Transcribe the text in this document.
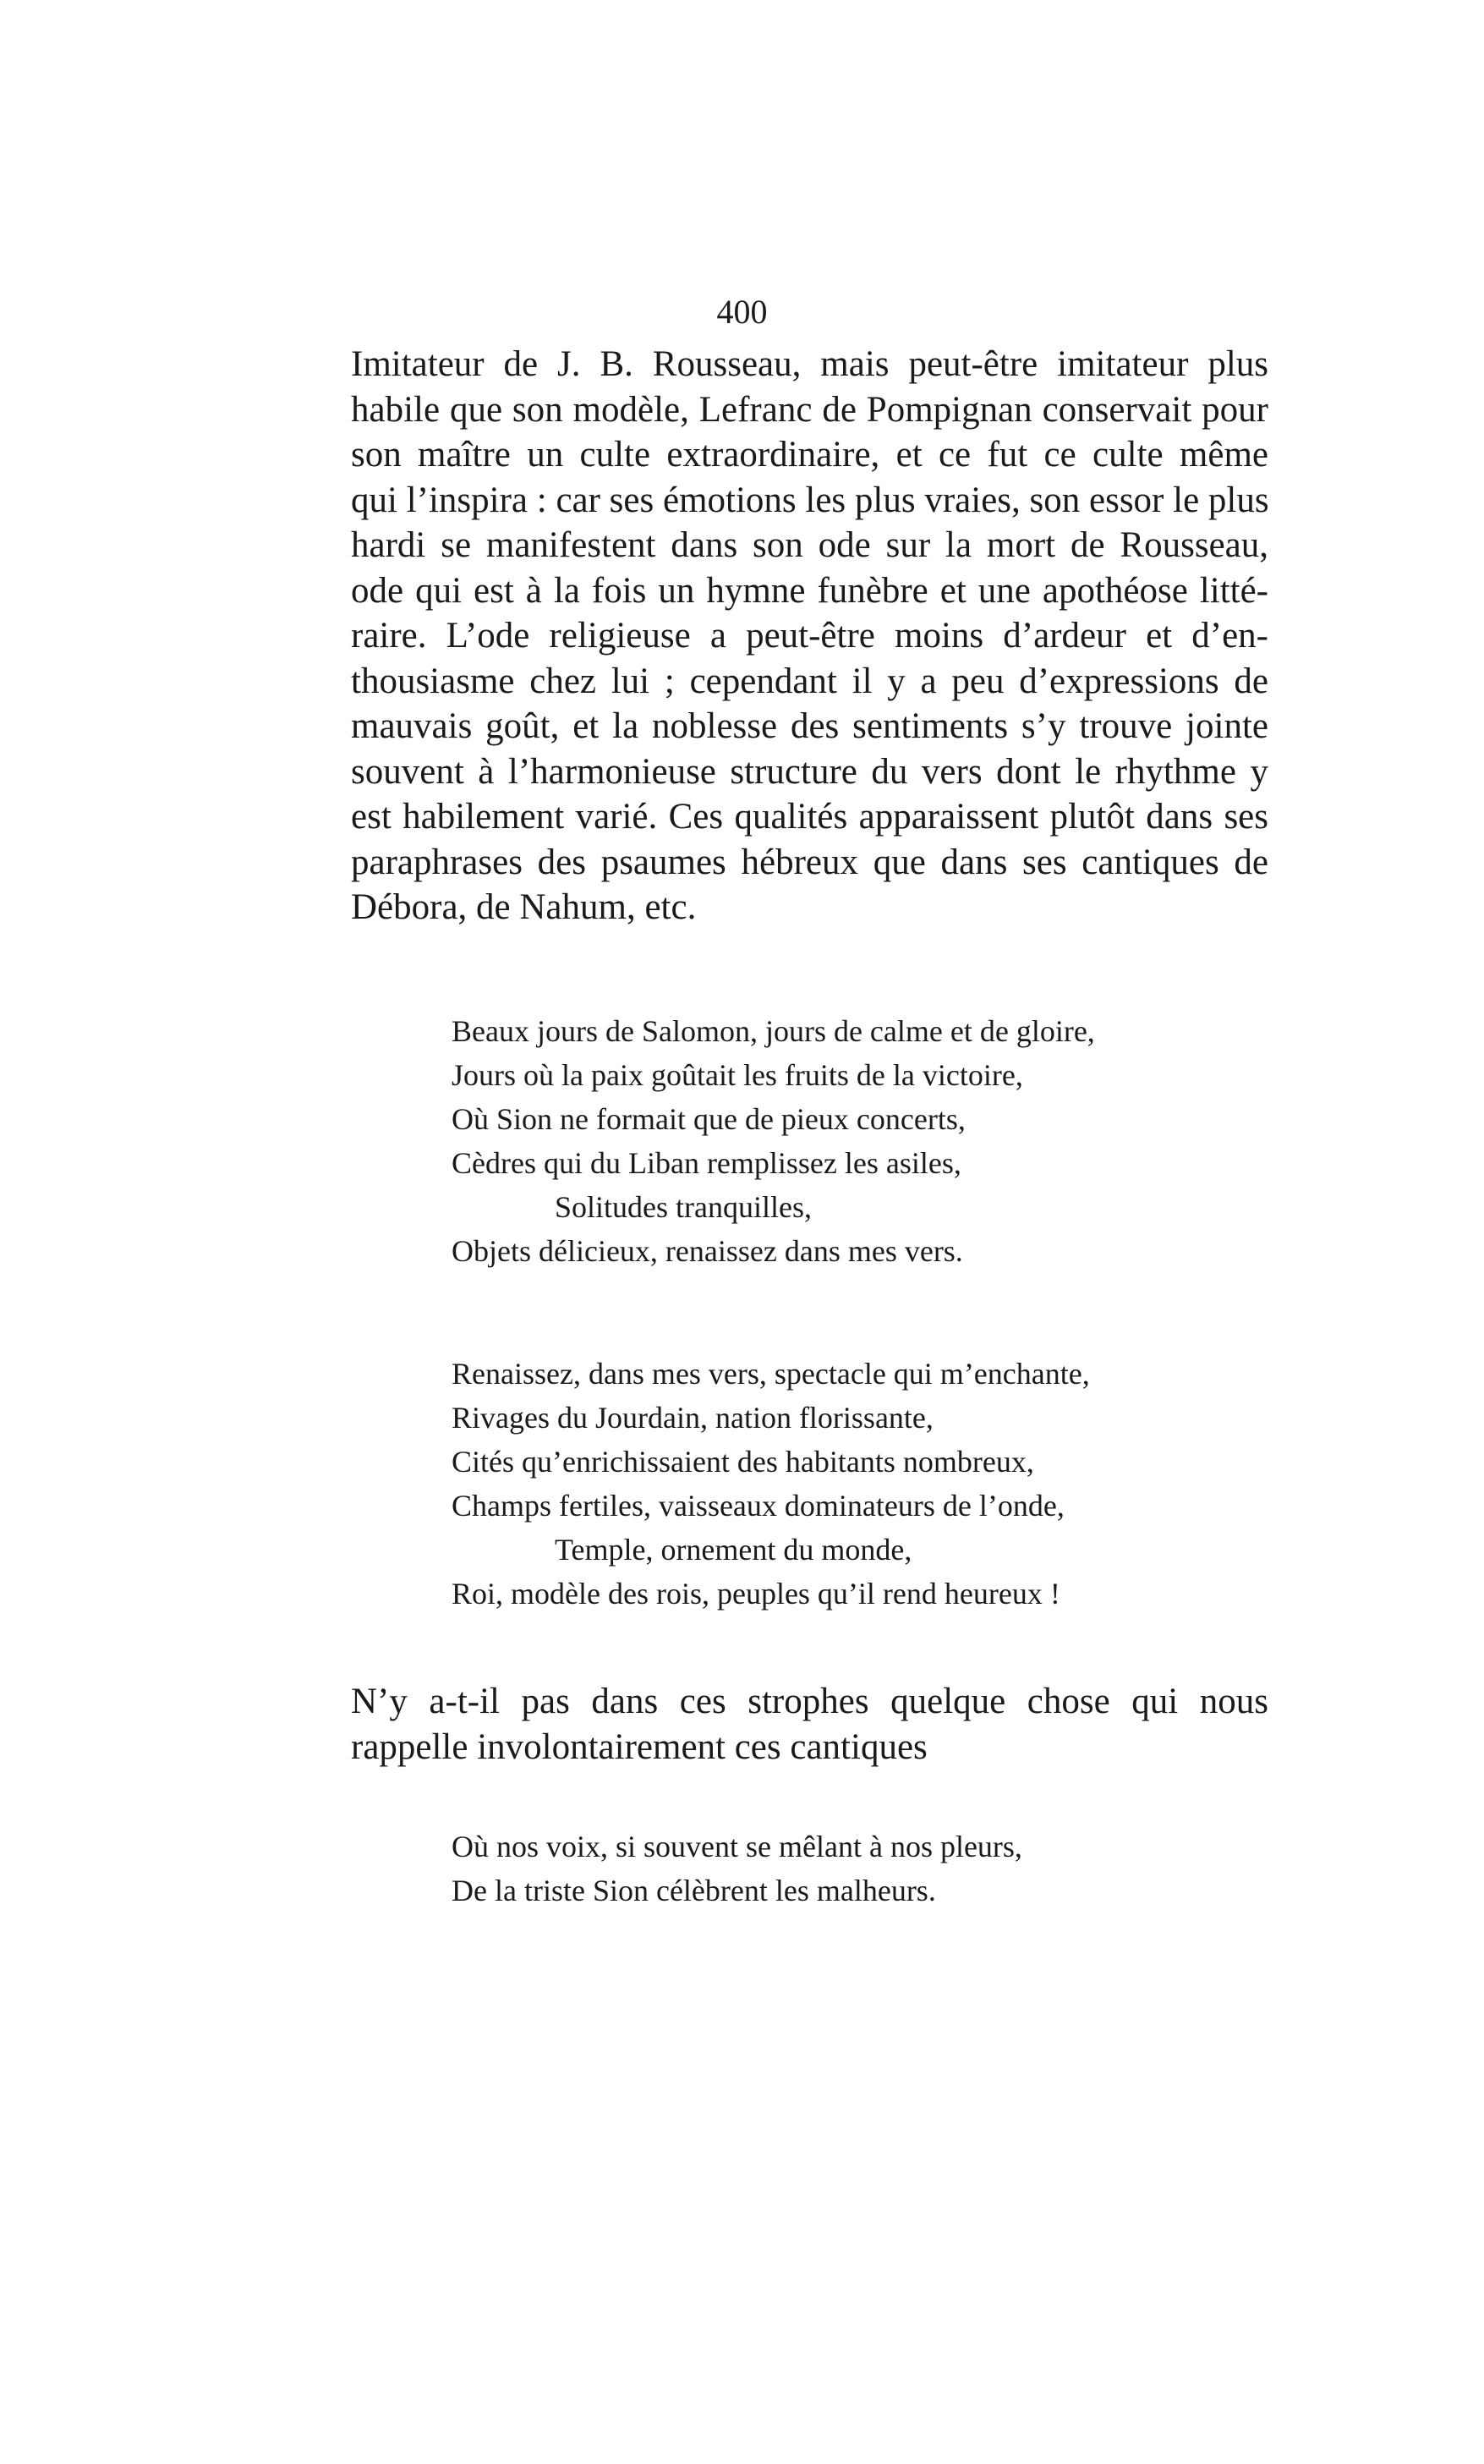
400

Imitateur de J. B. Rousseau, mais peut-être imitateur plus
habile que son modèle, Lefranc de Pompignan conservait pour
son maître un culte extraordinaire, et ce fut ce culte même
qui l’inspira : car ses émotions les plus vraies, son essor le plus
hardi se manifestent dans son ode sur la mort de Rousseau,
ode qui est à la fois un hymne funèbre et une apothéose litté-
raire. L’ode religieuse a peut-être moins d’ardeur et d’en-
thousiasme chez lui ; cependant il y a peu d’expressions de
mauvais goût, et la noblesse des sentiments s’y trouve jointe
souvent à l’harmonieuse structure du vers dont le rhythme y
est habilement varié. Ces qualités apparaissent plutôt dans ses
paraphrases des psaumes hébreux que dans ses cantiques de
Débora, de Nahum, etc.

Beaux jours de Salomon, jours de calme et de gloire,
Jours où la paix goûtait les fruits de la victoire,
Où Sion ne formait que de pieux concerts,
Cèdres qui du Liban remplissez les asiles,
Solitudes tranquilles,
Objets délicieux, renaissez dans mes vers.
Renaissez, dans mes vers, spectacle qui m’enchante,
Rivages du Jourdain, nation florissante,
Cités qu’enrichissaient des habitants nombreux,
Champs fertiles, vaisseaux dominateurs de l’onde,
Temple, ornement du monde,
Roi, modèle des rois, peuples qu’il rend heureux !

N’y a-t-il pas dans ces strophes quelque chose qui nous
rappelle involontairement ces cantiques

Où nos voix, si souvent se mêlant à nos pleurs,
De la triste Sion célèbrent les malheurs.
